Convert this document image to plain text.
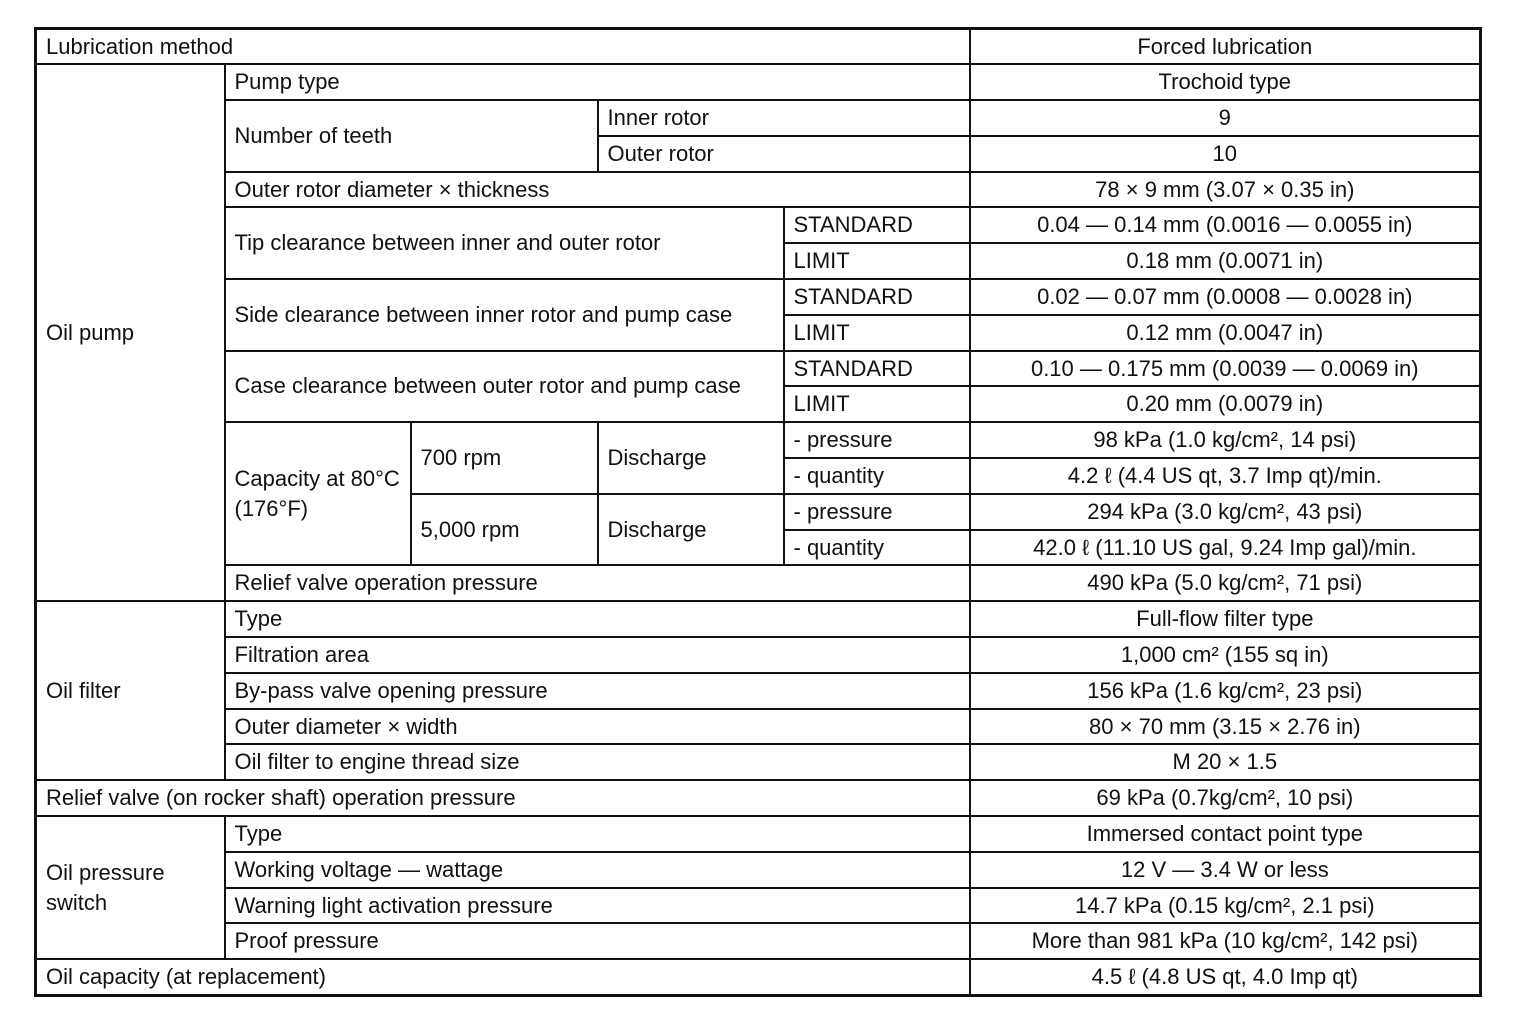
Lubrication method					Forced lubrication
Oil pump	Pump type				Trochoid type
	Number of teeth		Inner rotor		9
			Outer rotor		10
	Outer rotor diameter × thickness				78 × 9 mm (3.07 × 0.35 in)
	Tip clearance between inner and outer rotor			STANDARD	0.04 — 0.14 mm (0.0016 — 0.0055 in)
				LIMIT	0.18 mm (0.0071 in)
	Side clearance between inner rotor and pump case			STANDARD	0.02 — 0.07 mm (0.0008 — 0.0028 in)
				LIMIT	0.12 mm (0.0047 in)
	Case clearance between outer rotor and pump case			STANDARD	0.10 — 0.175 mm (0.0039 — 0.0069 in)
				LIMIT	0.20 mm (0.0079 in)
	Capacity at 80°C (176°F)	700 rpm	Discharge	- pressure	98 kPa (1.0 kg/cm², 14 psi)
				- quantity	4.2 ℓ (4.4 US qt, 3.7 Imp qt)/min.
		5,000 rpm	Discharge	- pressure	294 kPa (3.0 kg/cm², 43 psi)
				- quantity	42.0 ℓ (11.10 US gal, 9.24 Imp gal)/min.
	Relief valve operation pressure				490 kPa (5.0 kg/cm², 71 psi)
Oil filter	Type				Full-flow filter type
	Filtration area				1,000 cm² (155 sq in)
	By-pass valve opening pressure				156 kPa (1.6 kg/cm², 23 psi)
	Outer diameter × width				80 × 70 mm (3.15 × 2.76 in)
	Oil filter to engine thread size				M 20 × 1.5
Relief valve (on rocker shaft) operation pressure					69 kPa (0.7kg/cm², 10 psi)
Oil pressure switch	Type				Immersed contact point type
	Working voltage — wattage				12 V — 3.4 W or less
	Warning light activation pressure				14.7 kPa (0.15 kg/cm², 2.1 psi)
	Proof pressure				More than 981 kPa (10 kg/cm², 142 psi)
Oil capacity (at replacement)					4.5 ℓ (4.8 US qt, 4.0 Imp qt)
